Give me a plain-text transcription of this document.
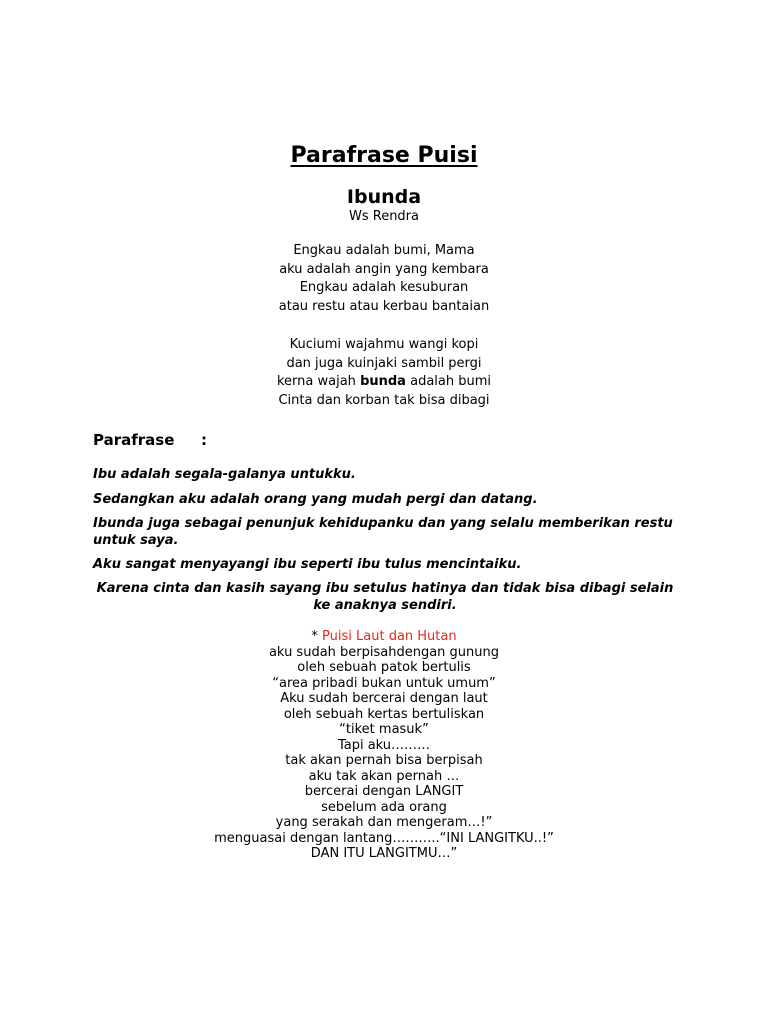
Parafrase Puisi
Ibunda
Ws Rendra

Engkau adalah bumi, Mama

aku adalah angin yang kembara

Engkau adalah kesuburan

atau restu atau kerbau bantaian

Kuciumi wajahmu wangi kopi

dan juga kuinjaki sambil pergi

kerna wajah bunda adalah bumi

Cinta dan korban tak bisa dibagi

Parafrase :
Ibu adalah segala-galanya untukku.
Sedangkan aku adalah orang yang mudah pergi dan datang.
Ibunda juga sebagai penunjuk kehidupanku dan yang selalu memberikan restu untuk saya.
Aku sangat menyayangi ibu seperti ibu tulus mencintaiku.
Karena cinta dan kasih sayang ibu setulus hatinya dan tidak bisa dibagi selain ke anaknya sendiri.

* Puisi Laut dan Hutan

aku sudah berpisahdengan gunung

oleh sebuah patok bertulis

“area pribadi bukan untuk umum”

Aku sudah bercerai dengan laut

oleh sebuah kertas bertuliskan

“tiket masuk”

Tapi aku………

tak akan pernah bisa berpisah

aku tak akan pernah …

bercerai dengan LANGIT

sebelum ada orang

yang serakah dan mengeram…!”

menguasai dengan lantang………..“INI LANGITKU..!”

DAN ITU LANGITMU…”
